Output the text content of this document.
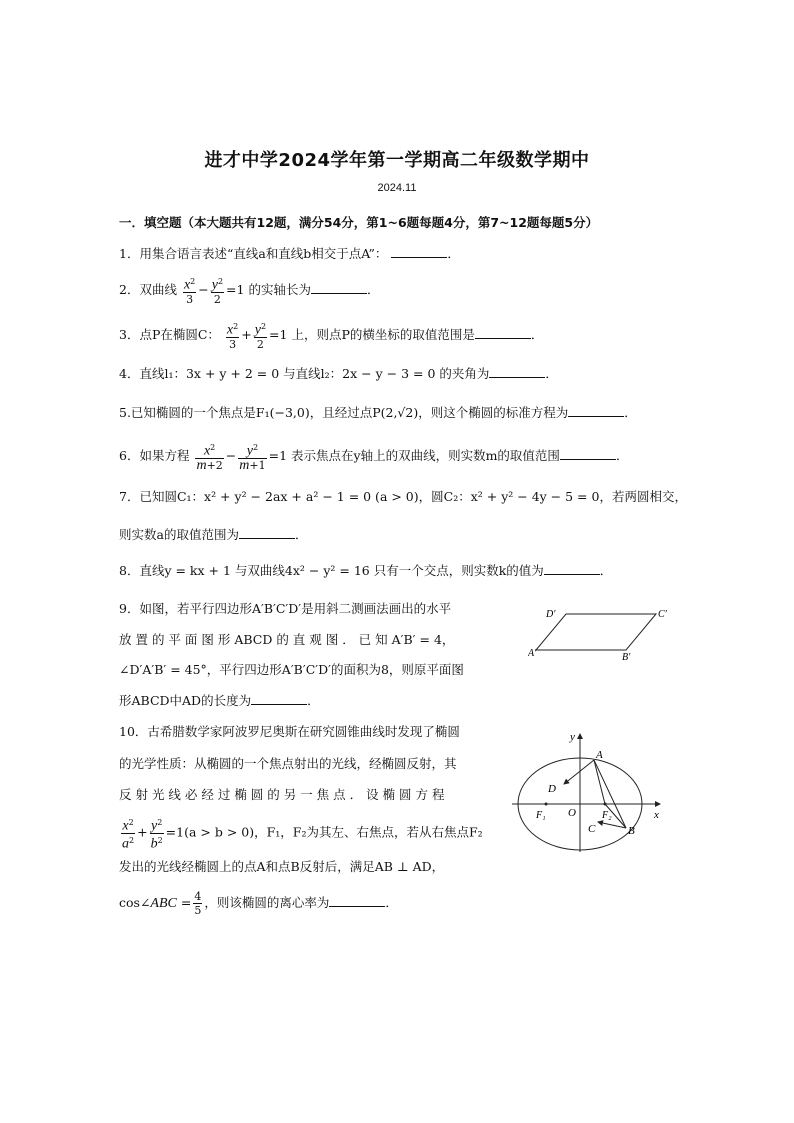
进才中学2024学年第一学期高二年级数学期中
2024.11
一．填空题（本大题共有12题，满分54分，第1~6题每题4分，第7~12题每题5分）
1．用集合语言表述“直线a和直线b相交于点A”：	．
2．双曲线 $\frac{x^2}{3} - \frac{y^2}{2} =1$ 的实轴长为	．
3．点P在椭圆C： $\frac{x^2}{3} + \frac{y^2}{2} =1$ 上，则点P的横坐标的取值范围是	．
4．直线l₁：3x + y + 2 = 0 与直线l₂：2x − y − 3 = 0 的夹角为	．
5.已知椭圆的一个焦点是F₁(−3,0)，且经过点P(2,√2)，则这个椭圆的标准方程为	．
6．如果方程 $\frac{x^2}{m+2} - \frac{y^2}{m+1} =1$ 表示焦点在y轴上的双曲线，则实数m的取值范围	．
7．已知圆C₁：x² + y² − 2ax + a² − 1 = 0 (a > 0)，圆C₂：x² + y² − 4y − 5 = 0，若两圆相交，
则实数a的取值范围为	．
8．直线y = kx + 1 与双曲线4x² − y² = 16 只有一个交点，则实数k的值为	．
9．如图，若平行四边形A′B′C′D′是用斜二测画法画出的水平
放 置 的 平 面 图 形 ABCD 的 直 观 图 ． 已 知 A′B′ = 4，
∠D′A′B′ = 45°，平行四边形A′B′C′D′的面积为8，则原平面图
形ABCD中AD的长度为	．
D′	C′
A′	B′
10．古希腊数学家阿波罗尼奥斯在研究圆锥曲线时发现了椭圆
的光学性质：从椭圆的一个焦点射出的光线，经椭圆反射，其
反 射 光 线 必 经 过 椭 圆 的 另 一 焦 点 ． 设 椭 圆 方 程
$\frac{x^2}{a^2} + \frac{y^2}{b^2} =1(a > b > 0)$，F₁，F₂为其左、右焦点，若从右焦点F₂
发出的光线经椭圆上的点A和点B反射后，满足AB ⊥ AD，
cos∠ABC = $\frac{4}{5}$ ，则该椭圆的离心率为	．
y
x
A
D
O
F₁	F₂
C	B
